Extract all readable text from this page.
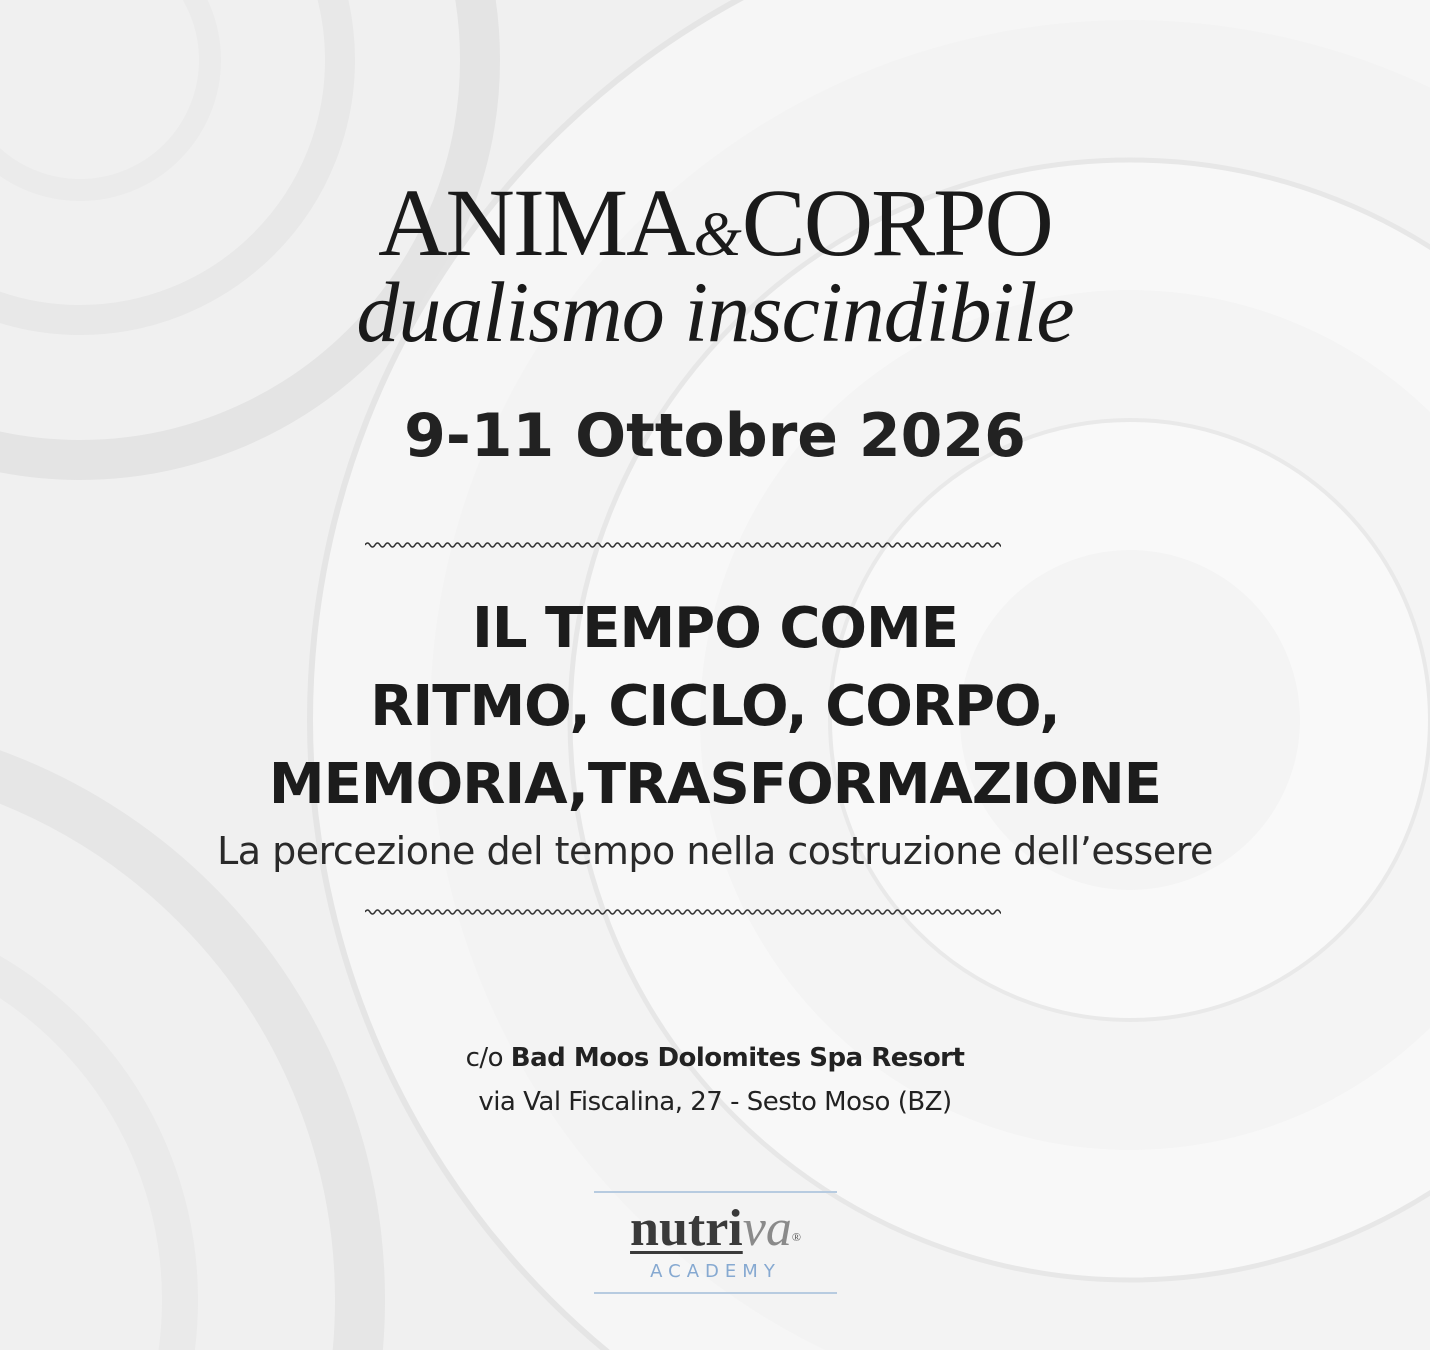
ANIMA&CORPO
dualismo inscindibile
9-11 Ottobre 2026
IL TEMPO COME
RITMO, CICLO, CORPO,
MEMORIA,TRASFORMAZIONE
La percezione del tempo nella costruzione dell’essere
c/o Bad Moos Dolomites Spa Resort
via Val Fiscalina, 27 - Sesto Moso (BZ)
nutriva®
ACADEMY
